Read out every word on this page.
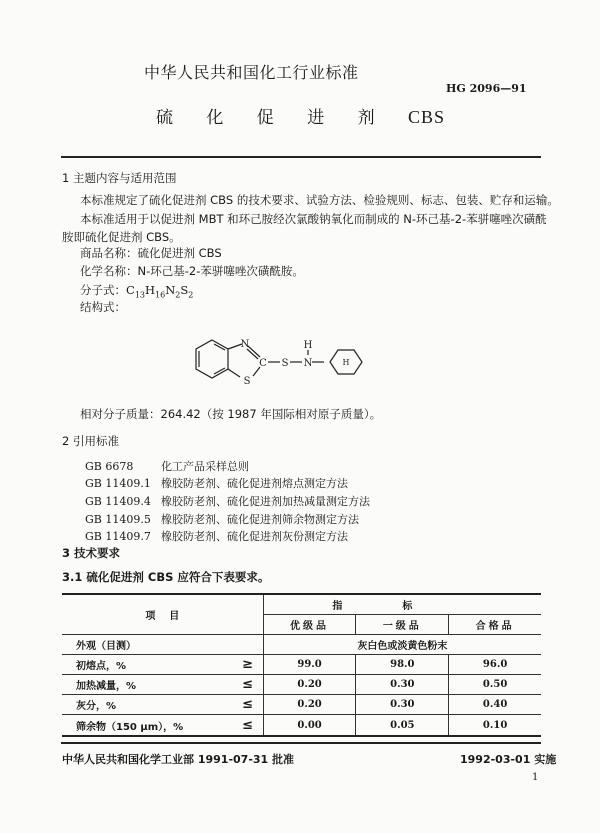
中华人民共和国化工行业标准
HG 2096—91
硫 化 促 进 剂 CBS
1 主题内容与适用范围
本标准规定了硫化促进剂 CBS 的技术要求、试验方法、检验规则、标志、包装、贮存和运输。
本标准适用于以促进剂 MBT 和环己胺经次氯酸钠氧化而制成的 N-环己基-2-苯骈噻唑次磺酰
胺即硫化促进剂 CBS。
商品名称：硫化促进剂 CBS
化学名称：N-环己基-2-苯骈噻唑次磺酰胺。
分子式：$C_{13}H_{16}N_2S_2$
结构式：
N
C
S
S
H
N	H
相对分子质量：264.42（按 1987 年国际相对原子质量）。
2 引用标准
GB 6678	化工产品采样总则
GB 11409.1 橡胶防老剂、硫化促进剂熔点测定方法
GB 11409.4 橡胶防老剂、硫化促进剂加热减量测定方法
GB 11409.5 橡胶防老剂、硫化促进剂筛余物测定方法
GB 11409.7 橡胶防老剂、硫化促进剂灰份测定方法
3 技术要求
3.1 硫化促进剂 CBS 应符合下表要求。
项    目		指标		
		优级品	一级品	合格品
外观（目测）		灰白色或淡黄色粉末		
初熔点，%	≥	99.0	98.0	96.0
加热减量，%	≤	0.20	0.30	0.50
灰分，%	≤	0.20	0.30	0.40
筛余物（150 μm），%	≤	0.00	0.05	0.10
中华人民共和国化学工业部 1991-07-31 批准	1992-03-01 实施
1
